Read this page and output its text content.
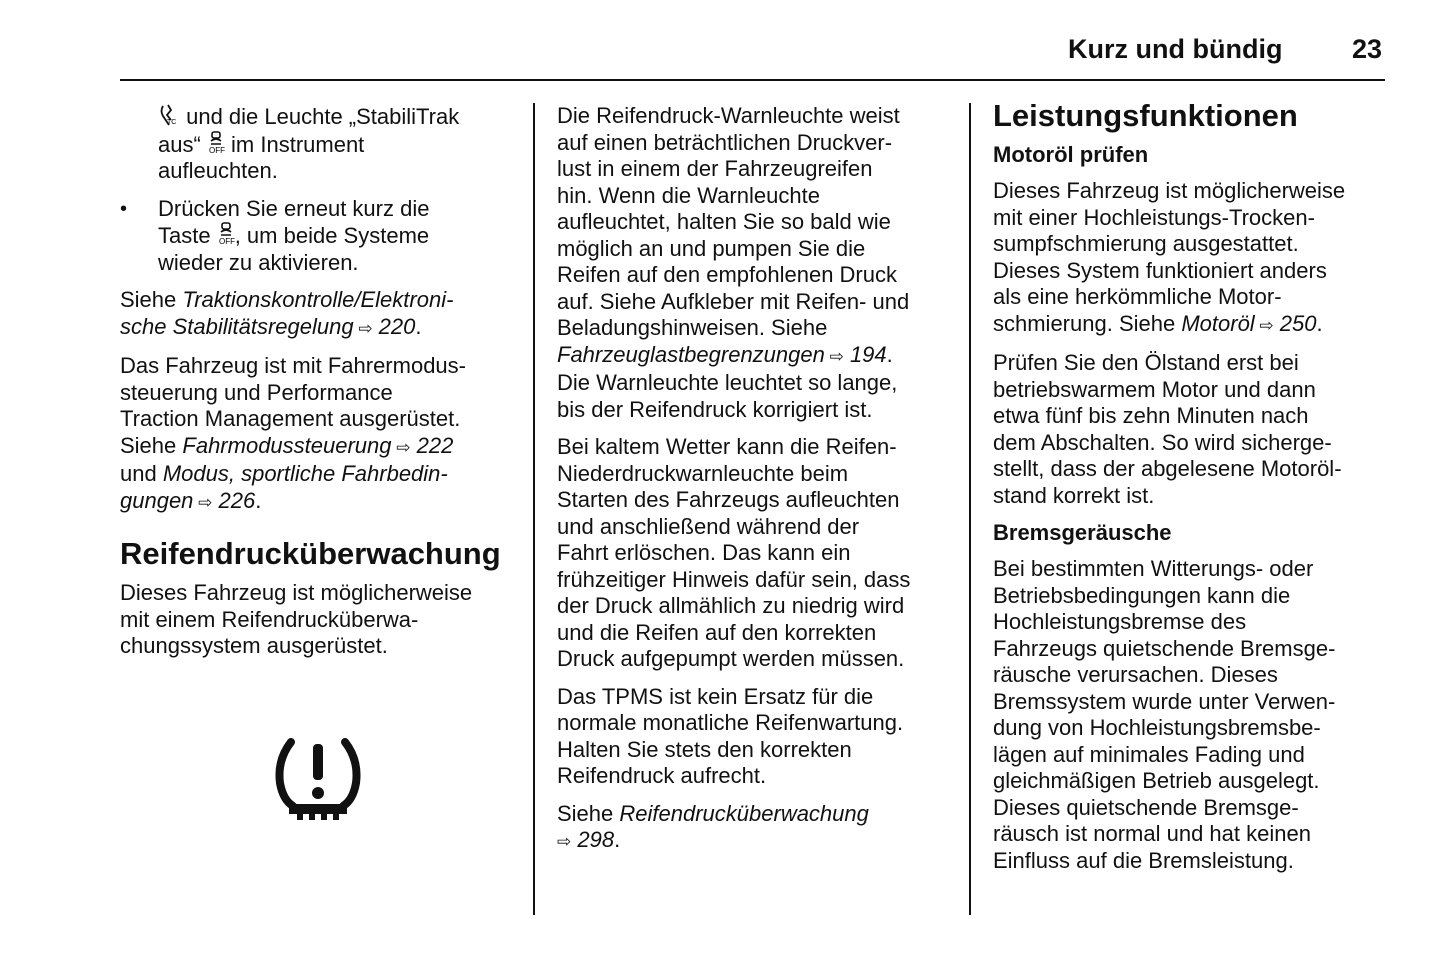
Kurz und bündig	23
TC und die Leuchte „StabiliTrak
aus“ OFF im Instrument
aufleuchten.
• Drücken Sie erneut kurz die
Taste OFF , um beide Systeme
wieder zu aktivieren.
Siehe Traktionskontrolle/Elektroni-
sche Stabilitätsregelung ⇨ 220.
Das Fahrzeug ist mit Fahrermodus-
steuerung und Performance
Traction Management ausgerüstet.
Siehe Fahrmodussteuerung ⇨ 222
und Modus, sportliche Fahrbedin-
gungen ⇨ 226.
Reifendrucküberwachung
Dieses Fahrzeug ist möglicherweise
mit einem Reifendrucküberwa-
chungssystem ausgerüstet.
Die Reifendruck-Warnleuchte weist
auf einen beträchtlichen Druckver-
lust in einem der Fahrzeugreifen
hin. Wenn die Warnleuchte
aufleuchtet, halten Sie so bald wie
möglich an und pumpen Sie die
Reifen auf den empfohlenen Druck
auf. Siehe Aufkleber mit Reifen- und
Beladungshinweisen. Siehe
Fahrzeuglastbegrenzungen ⇨ 194.
Die Warnleuchte leuchtet so lange,
bis der Reifendruck korrigiert ist.
Bei kaltem Wetter kann die Reifen-
Niederdruckwarnleuchte beim
Starten des Fahrzeugs aufleuchten
und anschließend während der
Fahrt erlöschen. Das kann ein
frühzeitiger Hinweis dafür sein, dass
der Druck allmählich zu niedrig wird
und die Reifen auf den korrekten
Druck aufgepumpt werden müssen.
Das TPMS ist kein Ersatz für die
normale monatliche Reifenwartung.
Halten Sie stets den korrekten
Reifendruck aufrecht.
Siehe Reifendrucküberwachung
⇨ 298.
Leistungsfunktionen
Motoröl prüfen
Dieses Fahrzeug ist möglicherweise
mit einer Hochleistungs-Trocken-
sumpfschmierung ausgestattet.
Dieses System funktioniert anders
als eine herkömmliche Motor-
schmierung. Siehe Motoröl ⇨ 250.
Prüfen Sie den Ölstand erst bei
betriebswarmem Motor und dann
etwa fünf bis zehn Minuten nach
dem Abschalten. So wird sicherge-
stellt, dass der abgelesene Motoröl-
stand korrekt ist.
Bremsgeräusche
Bei bestimmten Witterungs- oder
Betriebsbedingungen kann die
Hochleistungsbremse des
Fahrzeugs quietschende Bremsge-
räusche verursachen. Dieses
Bremssystem wurde unter Verwen-
dung von Hochleistungsbremsbe-
lägen auf minimales Fading und
gleichmäßigen Betrieb ausgelegt.
Dieses quietschende Bremsge-
räusch ist normal und hat keinen
Einfluss auf die Bremsleistung.
